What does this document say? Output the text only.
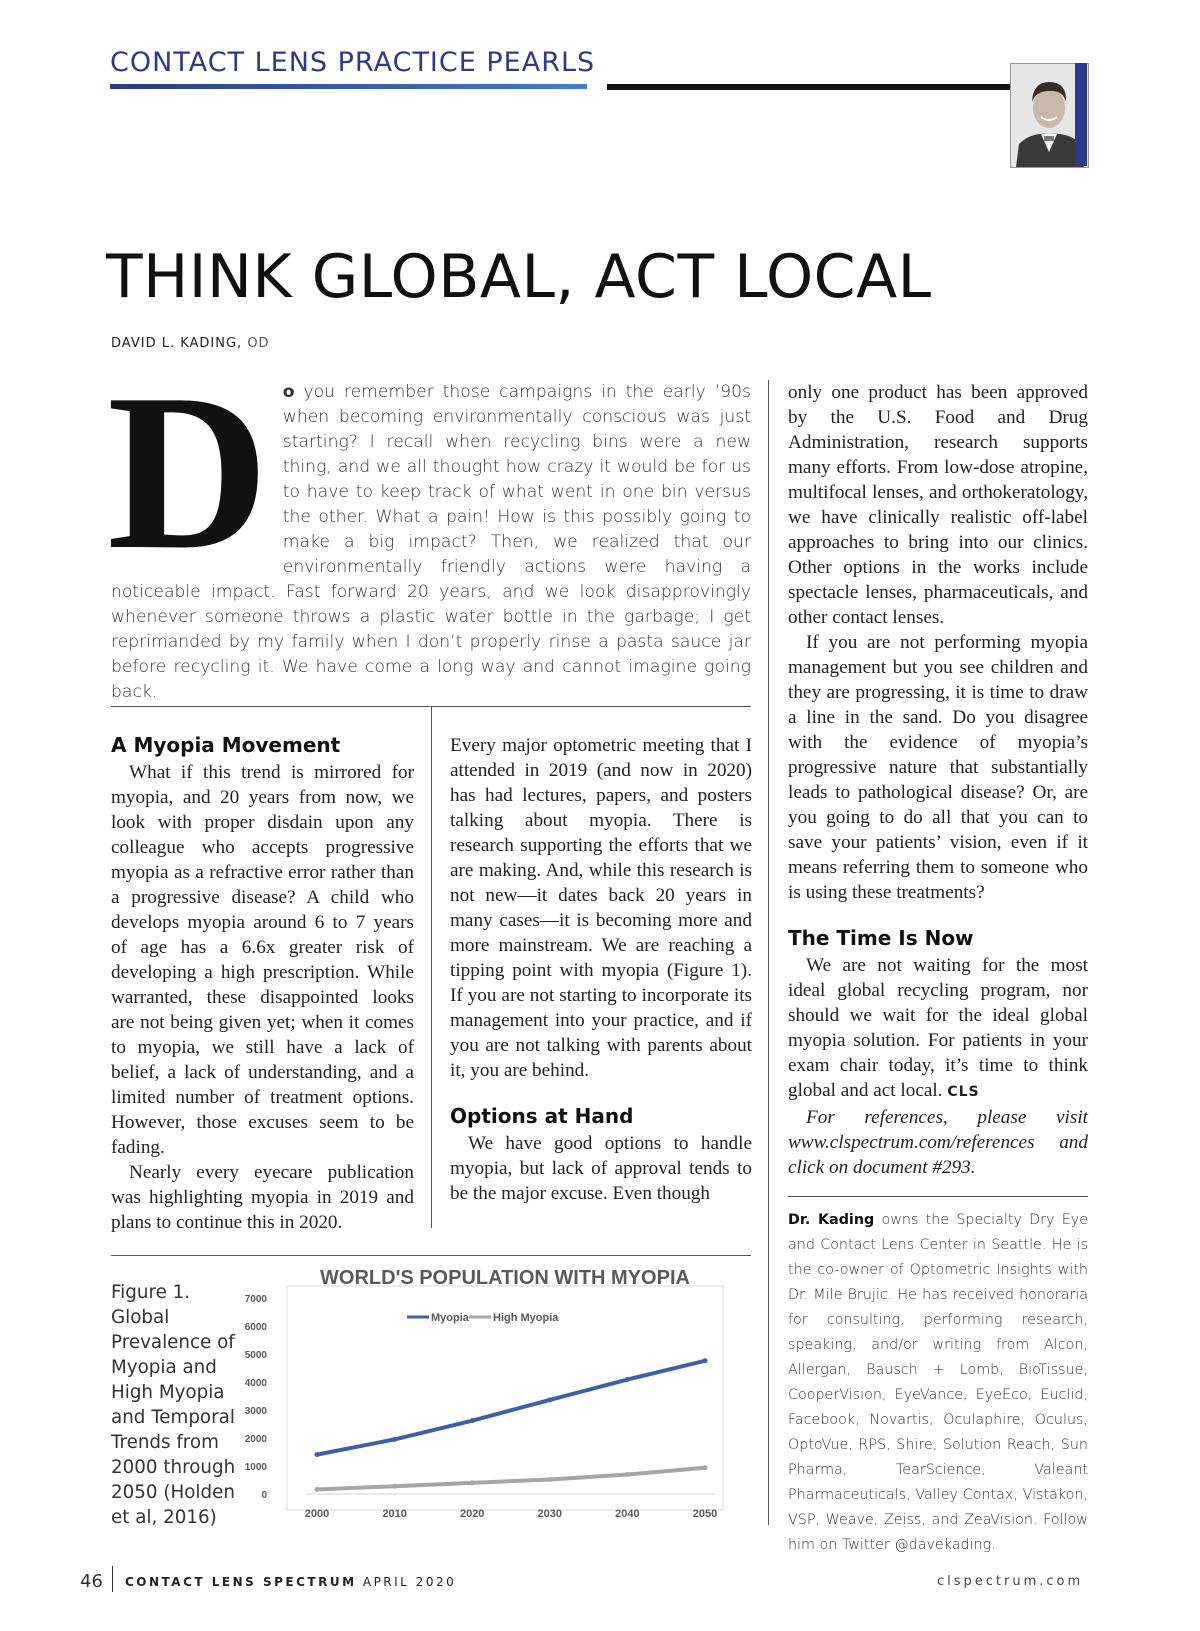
CONTACT LENS PRACTICE PEARLS
THINK GLOBAL, ACT LOCAL
DAVID L. KADING, OD
Do you remember those campaigns in the early ’90s when becoming environmentally conscious was just starting? I recall when recycling bins were a new thing, and we all thought how crazy it would be for us to have to keep track of what went in one bin versus the other. What a pain! How is this possibly going to make a big impact? Then, we realized that our environmentally friendly actions were having a noticeable impact. Fast forward 20 years, and we look disapprovingly whenever someone throws a plastic water bottle in the garbage; I get reprimanded by my family when I don’t properly rinse a pasta sauce jar before recycling it. We have come a long way and cannot imagine going back.
A Myopia Movement

What if this trend is mirrored for myopia, and 20 years from now, we look with proper disdain upon any colleague who accepts progressive myopia as a refractive error rather than a progressive disease? A child who develops myopia around 6 to 7 years of age has a 6.6x greater risk of developing a high prescription. While warranted, these disappointed looks are not being given yet; when it comes to myopia, we still have a lack of belief, a lack of understanding, and a limited number of treatment options. However, those excuses seem to be fading.

Nearly every eyecare publication was highlighting myopia in 2019 and plans to continue this in 2020.

Every major optometric meeting that I attended in 2019 (and now in 2020) has had lectures, papers, and posters talking about myopia. There is research supporting the efforts that we are making. And, while this research is not new—it dates back 20 years in many cases—it is becoming more and more mainstream. We are reaching a tipping point with myopia (Figure 1). If you are not starting to incorporate its management into your practice, and if you are not talking with parents about it, you are behind.

Options at Hand

We have good options to handle myopia, but lack of approval tends to be the major excuse. Even though

only one product has been approved by the U.S. Food and Drug Administration, research supports many efforts. From low-dose atropine, multifocal lenses, and orthokeratology, we have clinically realistic off-label approaches to bring into our clinics. Other options in the works include spectacle lenses, pharmaceuticals, and other contact lenses.

If you are not performing myopia management but you see children and they are progressing, it is time to draw a line in the sand. Do you disagree with the evidence of myopia’s progressive nature that substantially leads to pathological disease? Or, are you going to do all that you can to save your patients’ vision, even if it means referring them to someone who is using these treatments?

The Time Is Now

We are not waiting for the most ideal global recycling program, nor should we wait for the ideal global myopia solution. For patients in your exam chair today, it’s time to think global and act local. CLS

For references, please visit www.clspectrum.com/references and click on document #293.

Dr. Kading owns the Specialty Dry Eye and Contact Lens Center in Seattle. He is the co-owner of Optometric Insights with Dr. Mile Brujic. He has received honoraria for consulting, performing research, speaking, and/or writing from Alcon, Allergan, Bausch + Lomb, BioTissue, CooperVision, EyeVance, EyeEco, Euclid, Facebook, Novartis, Oculaphire, Oculus, OptoVue, RPS, Shire, Solution Reach, Sun Pharma, TearScience, Valeant Pharmaceuticals, Valley Contax, Vistakon, VSP, Weave, Zeiss, and ZeaVision. Follow him on Twitter @davekading.
Figure 1. Global Prevalence of Myopia and High Myopia and Temporal Trends from 2000 through 2050 (Holden et al, 2016)
WORLD'S POPULATION WITH MYOPIA
Myopia High Myopia
0
1000
2000
3000
4000
5000
6000
7000
2000	2010	2020	2030	2040	2050
46 CONTACT LENS SPECTRUM APRIL 2020	clspectrum.com
